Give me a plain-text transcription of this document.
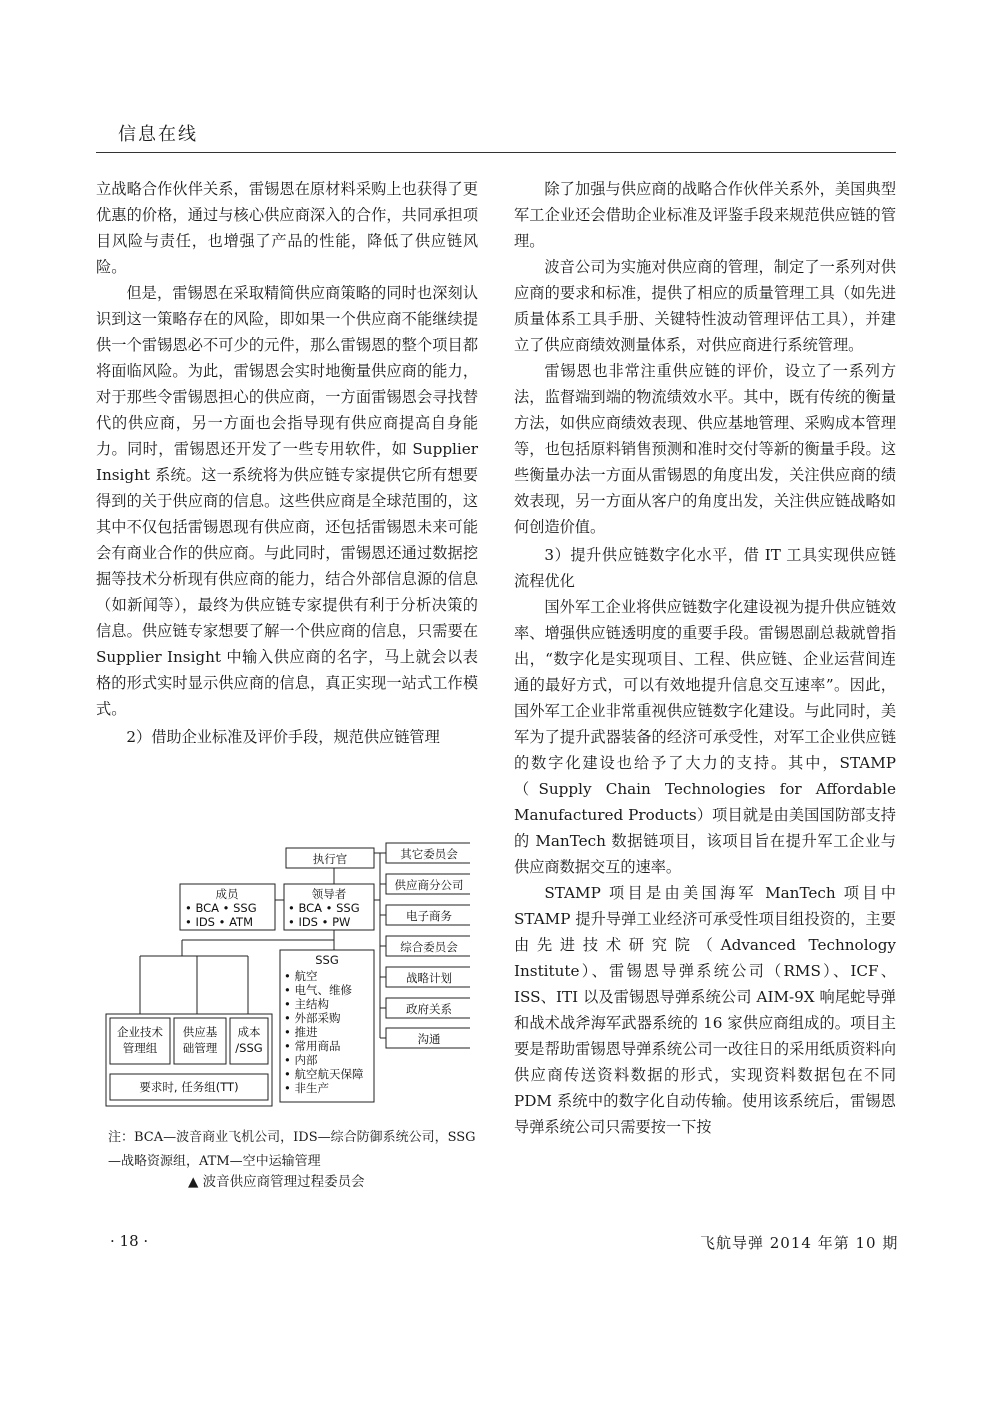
信息在线

立战略合作伙伴关系，雷锡恩在原材料采购上也获得了更优惠的价格，通过与核心供应商深入的合作，共同承担项目风险与责任，也增强了产品的性能，降低了供应链风险。

但是，雷锡恩在采取精简供应商策略的同时也深刻认识到这一策略存在的风险，即如果一个供应商不能继续提供一个雷锡恩必不可少的元件，那么雷锡恩的整个项目都将面临风险。为此，雷锡恩会实时地衡量供应商的能力，对于那些令雷锡恩担心的供应商，一方面雷锡恩会寻找替代的供应商，另一方面也会指导现有供应商提高自身能力。同时，雷锡恩还开发了一些专用软件，如 Supplier Insight 系统。这一系统将为供应链专家提供它所有想要得到的关于供应商的信息。这些供应商是全球范围的，这其中不仅包括雷锡恩现有供应商，还包括雷锡恩未来可能会有商业合作的供应商。与此同时，雷锡恩还通过数据挖掘等技术分析现有供应商的能力，结合外部信息源的信息（如新闻等），最终为供应链专家提供有利于分析决策的信息。供应链专家想要了解一个供应商的信息，只需要在 Supplier Insight 中输入供应商的名字，马上就会以表格的形式实时显示供应商的信息，真正实现一站式工作模式。

2）借助企业标准及评价手段，规范供应链管理

执行官
成员
• BCA • SSG
• IDS • ATM
领导者
• BCA • SSG
• IDS • PW
SSG
• 航空
• 电气、维修
• 主结构
• 外部采购
• 推进
• 常用商品
• 内部
• 航空航天保障
• 非生产
其它委员会
供应商分公司
电子商务
综合委员会
战略计划
政府关系
沟通
企业技术
管理组
供应基
础管理
成本
/SSG
要求时, 任务组(TT)
注：BCA—波音商业飞机公司，IDS—综合防御系统公司，SSG—战略资源组，ATM—空中运输管理
▲ 波音供应商管理过程委员会

除了加强与供应商的战略合作伙伴关系外，美国典型军工企业还会借助企业标准及评鉴手段来规范供应链的管理。

波音公司为实施对供应商的管理，制定了一系列对供应商的要求和标准，提供了相应的质量管理工具（如先进质量体系工具手册、关键特性波动管理评估工具），并建立了供应商绩效测量体系，对供应商进行系统管理。

雷锡恩也非常注重供应链的评价，设立了一系列方法，监督端到端的物流绩效水平。其中，既有传统的衡量方法，如供应商绩效表现、供应基地管理、采购成本管理等，也包括原料销售预测和准时交付等新的衡量手段。这些衡量办法一方面从雷锡恩的角度出发，关注供应商的绩效表现，另一方面从客户的角度出发，关注供应链战略如何创造价值。

3）提升供应链数字化水平，借 IT 工具实现供应链流程优化

国外军工企业将供应链数字化建设视为提升供应链效率、增强供应链透明度的重要手段。雷锡恩副总裁就曾指出，“数字化是实现项目、工程、供应链、企业运营间连通的最好方式，可以有效地提升信息交互速率”。因此，国外军工企业非常重视供应链数字化建设。与此同时，美军为了提升武器装备的经济可承受性，对军工企业供应链的数字化建设也给予了大力的支持。其中，STAMP（Supply Chain Technologies for Affordable Manufactured Products）项目就是由美国国防部支持的 ManTech 数据链项目，该项目旨在提升军工企业与供应商数据交互的速率。

STAMP 项目是由美国海军 ManTech 项目中 STAMP 提升导弹工业经济可承受性项目组投资的，主要由先进技术研究院（Advanced Technology Institute）、雷锡恩导弹系统公司（RMS）、ICF、ISS、ITI 以及雷锡恩导弹系统公司 AIM-9X 响尾蛇导弹和战术战斧海军武器系统的 16 家供应商组成的。项目主要是帮助雷锡恩导弹系统公司一改往日的采用纸质资料向供应商传送资料数据的形式，实现资料数据包在不同 PDM 系统中的数字化自动传输。使用该系统后，雷锡恩导弹系统公司只需要按一下按

· 18 ·	飞航导弹 2014 年第 10 期
